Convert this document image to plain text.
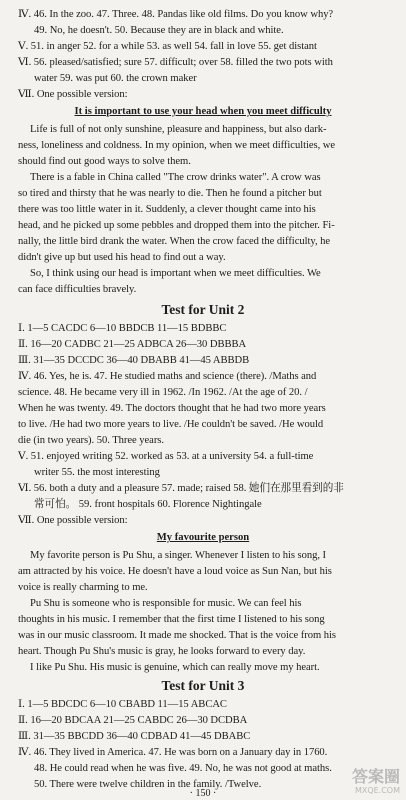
Ⅳ. 46. In the zoo. 47. Three. 48. Pandas like old films. Do you know why?
49. No, he doesn't. 50. Because they are in black and white.
Ⅴ. 51. in anger 52. for a while 53. as well 54. fall in love 55. get distant
Ⅵ. 56. pleased/satisfied; sure 57. difficult; over 58. filled the two pots with
water 59. was put 60. the crown maker
Ⅶ. One possible version:
It is important to use your head when you meet difficulty
Life is full of not only sunshine, pleasure and happiness, but also dark-
ness, loneliness and coldness. In my opinion, when we meet difficulties, we
should find out good ways to solve them.
There is a fable in China called "The crow drinks water". A crow was
so tired and thirsty that he was nearly to die. Then he found a pitcher but
there was too little water in it. Suddenly, a clever thought came into his
head, and he picked up some pebbles and dropped them into the pitcher. Fi-
nally, the little bird drank the water. When the crow faced the difficulty, he
didn't give up but used his head to find out a way.
So, I think using our head is important when we meet difficulties. We
can face difficulties bravely.
Test for Unit 2
Ⅰ. 1—5 CACDC 6—10 BBDCB 11—15 BDBBC
Ⅱ. 16—20 CADBC 21—25 ADBCA 26—30 DBBBA
Ⅲ. 31—35 DCCDC 36—40 DBABB 41—45 ABBDB
Ⅳ. 46. Yes, he is. 47. He studied maths and science (there). /Maths and
science. 48. He became very ill in 1962. /In 1962. /At the age of 20. /
When he was twenty. 49. The doctors thought that he had two more years
to live. /He had two more years to live. /He couldn't be saved. /He would
die (in two years). 50. Three years.
Ⅴ. 51. enjoyed writing 52. worked as 53. at a university 54. a full-time
writer 55. the most interesting
Ⅵ. 56. both a duty and a pleasure 57. made; raised 58. 她们在那里看到的非
常可怕。 59. front hospitals 60. Florence Nightingale
Ⅶ. One possible version:
My favourite person
My favorite person is Pu Shu, a singer. Whenever I listen to his song, I
am attracted by his voice. He doesn't have a loud voice as Sun Nan, but his
voice is really charming to me.
Pu Shu is someone who is responsible for music. We can feel his
thoughts in his music. I remember that the first time I listened to his song
was in our music classroom. It made me shocked. That is the voice from his
heart. Though Pu Shu's music is gray, he looks forward to every day.
I like Pu Shu. His music is genuine, which can really move my heart.
Test for Unit 3
Ⅰ. 1—5 BDCDC 6—10 CBABD 11—15 ABCAC
Ⅱ. 16—20 BDCAA 21—25 CABDC 26—30 DCDBA
Ⅲ. 31—35 BBCDD 36—40 CDBAD 41—45 DBABC
Ⅳ. 46. They lived in America. 47. He was born on a January day in 1760.
48. He could read when he was five. 49. No, he was not good at maths.
50. There were twelve children in the family. /Twelve.	答案圈
MXQE.COM
· 150 ·
